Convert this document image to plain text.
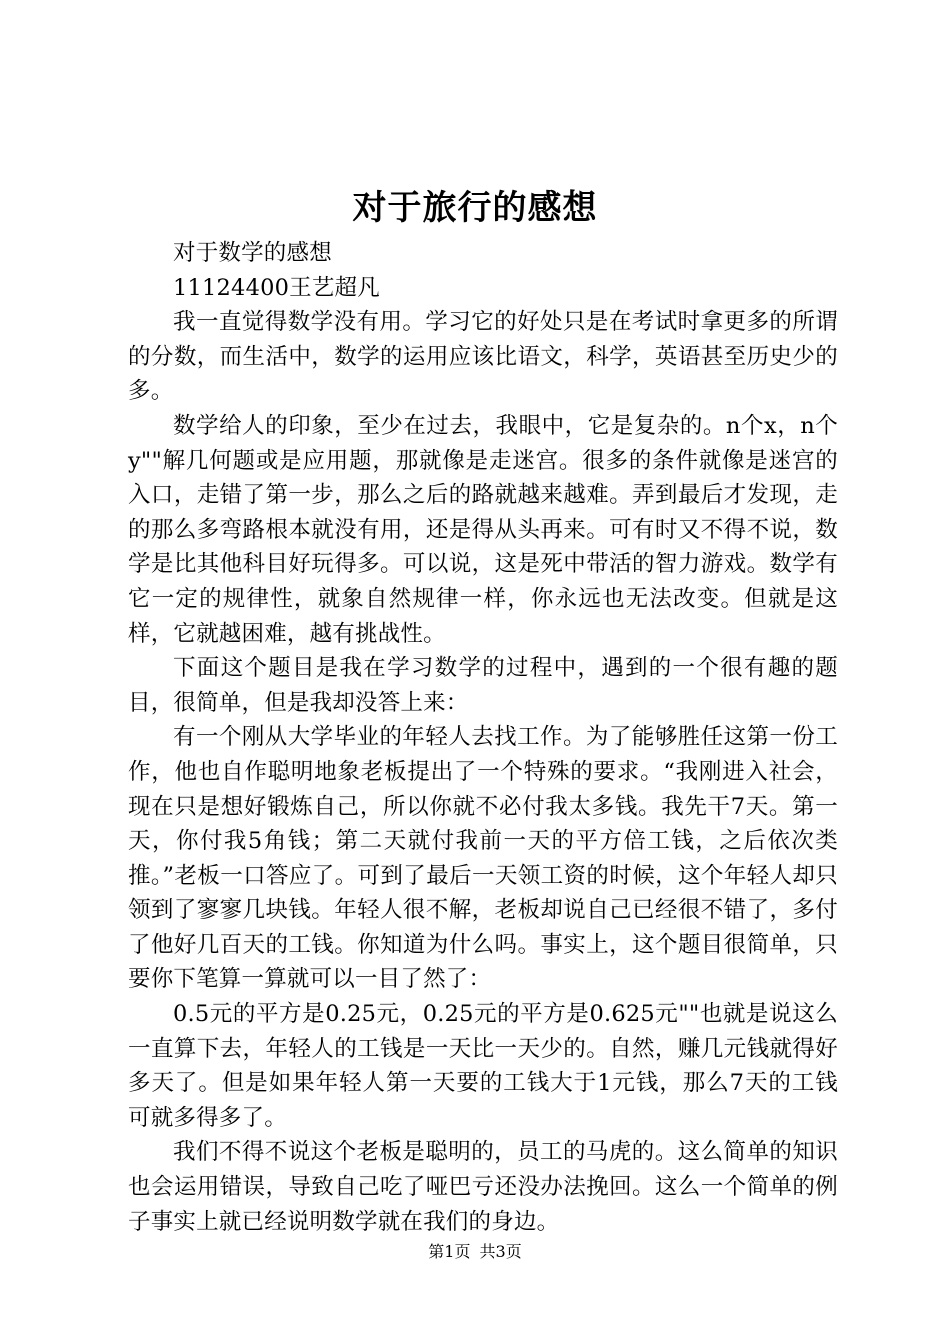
对于旅行的感想

对于数学的感想

11124400王艺超凡

我一直觉得数学没有用。学习它的好处只是在考试时拿更多的所谓的分数，而生活中，数学的运用应该比语文，科学，英语甚至历史少的多。

数学给人的印象，至少在过去，我眼中，它是复杂的。n个x，n个y""解几何题或是应用题，那就像是走迷宫。很多的条件就像是迷宫的入口，走错了第一步，那么之后的路就越来越难。弄到最后才发现，走的那么多弯路根本就没有用，还是得从头再来。可有时又不得不说，数学是比其他科目好玩得多。可以说，这是死中带活的智力游戏。数学有它一定的规律性，就象自然规律一样，你永远也无法改变。但就是这样，它就越困难，越有挑战性。

下面这个题目是我在学习数学的过程中，遇到的一个很有趣的题目，很简单，但是我却没答上来：

有一个刚从大学毕业的年轻人去找工作。为了能够胜任这第一份工作，他也自作聪明地象老板提出了一个特殊的要求。“我刚进入社会，现在只是想好锻炼自己，所以你就不必付我太多钱。我先干7天。第一天，你付我5角钱；第二天就付我前一天的平方倍工钱，之后依次类推。”老板一口答应了。可到了最后一天领工资的时候，这个年轻人却只领到了寥寥几块钱。年轻人很不解，老板却说自己已经很不错了，多付了他好几百天的工钱。你知道为什么吗。事实上，这个题目很简单，只要你下笔算一算就可以一目了然了：

0.5元的平方是0.25元，0.25元的平方是0.625元""也就是说这么一直算下去，年轻人的工钱是一天比一天少的。自然，赚几元钱就得好多天了。但是如果年轻人第一天要的工钱大于1元钱，那么7天的工钱可就多得多了。

我们不得不说这个老板是聪明的，员工的马虎的。这么简单的知识也会运用错误，导致自己吃了哑巴亏还没办法挽回。这么一个简单的例子事实上就已经说明数学就在我们的身边。

第1页 共3页
